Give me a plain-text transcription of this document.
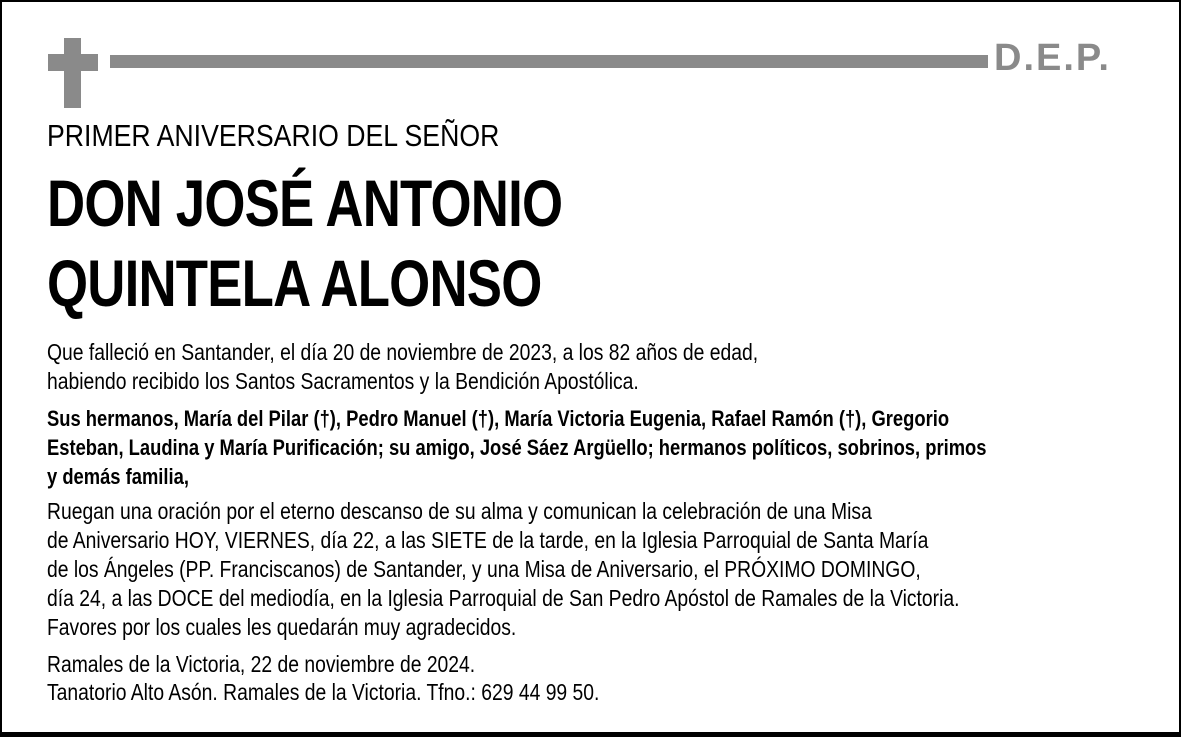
D.E.P.
PRIMER ANIVERSARIO DEL SEÑOR
DON JOSÉ ANTONIO
QUINTELA ALONSO
Que falleció en Santander, el día 20 de noviembre de 2023, a los 82 años de edad,
habiendo recibido los Santos Sacramentos y la Bendición Apostólica.
Sus hermanos, María del Pilar (†), Pedro Manuel (†), María Victoria Eugenia, Rafael Ramón (†), Gregorio
Esteban, Laudina y María Purificación; su amigo, José Sáez Argüello; hermanos políticos, sobrinos, primos
y demás familia,
Ruegan una oración por el eterno descanso de su alma y comunican la celebración de una Misa
de Aniversario HOY, VIERNES, día 22, a las SIETE de la tarde, en la Iglesia Parroquial de Santa María
de los Ángeles (PP. Franciscanos) de Santander, y una Misa de Aniversario, el PRÓXIMO DOMINGO,
día 24, a las DOCE del mediodía, en la Iglesia Parroquial de San Pedro Apóstol de Ramales de la Victoria.
Favores por los cuales les quedarán muy agradecidos.
Ramales de la Victoria, 22 de noviembre de 2024.
Tanatorio Alto Asón. Ramales de la Victoria. Tfno.: 629 44 99 50.
